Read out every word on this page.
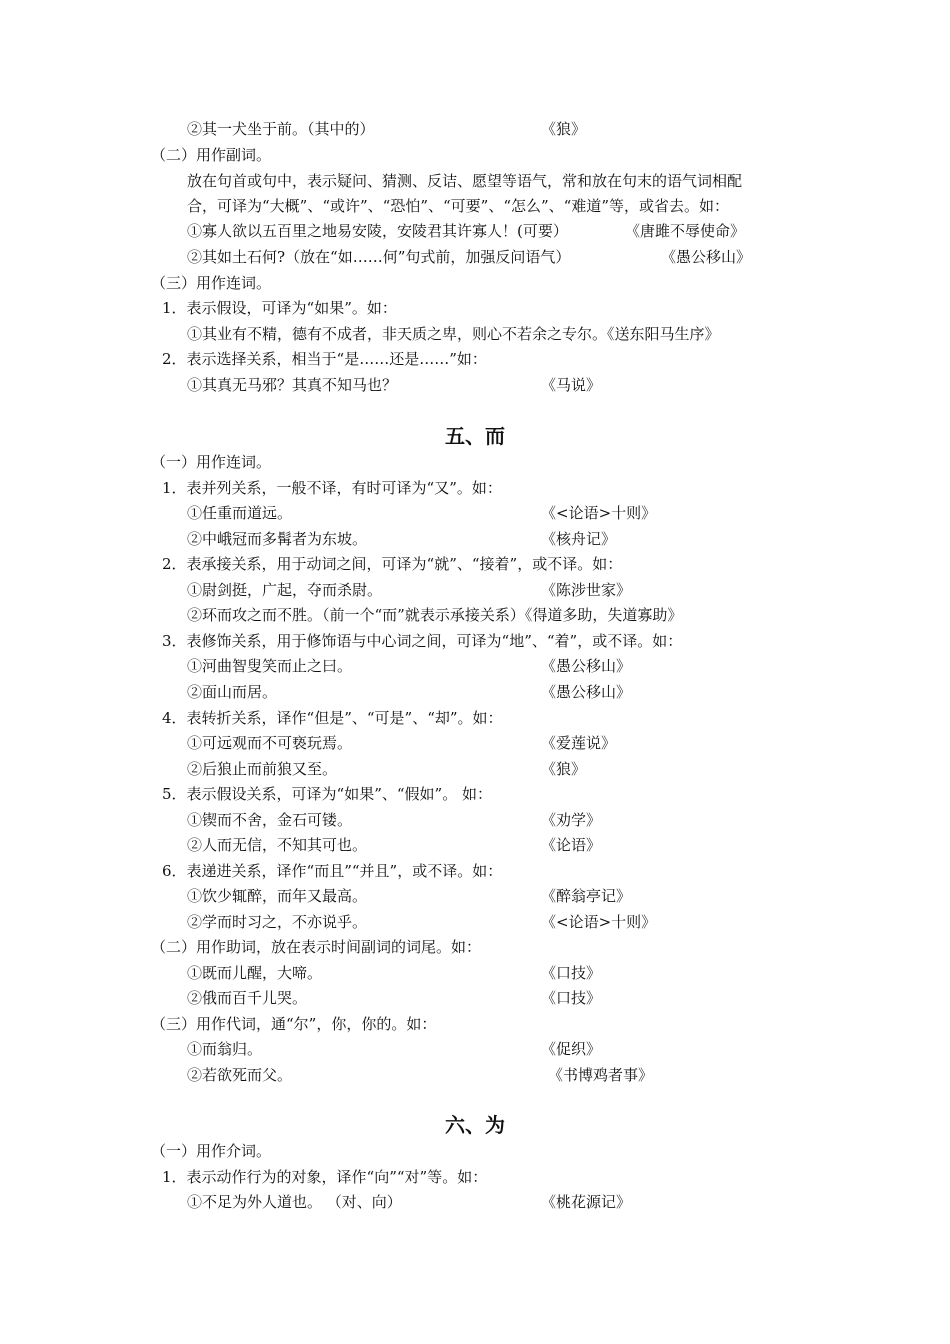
②其一犬坐于前。（其中的）	《狼》
（二）用作副词。
放在句首或句中，表示疑问、猜测、反诘、愿望等语气，常和放在句末的语气词相配
合，可译为“大概”、“或许”、“恐怕”、“可要”、“怎么”、“难道”等，或省去。如：
①寡人欲以五百里之地易安陵，安陵君其许寡人！(可要）	《唐雎不辱使命》
②其如土石何?（放在“如……何”句式前，加强反问语气）	《愚公移山》
（三）用作连词。
1．表示假设，可译为“如果”。如：
①其业有不精，德有不成者，非天质之卑，则心不若余之专尔。《送东阳马生序》
2．表示选择关系，相当于“是……还是……”如：
①其真无马邪？其真不知马也？	《马说》
五、而
（一）用作连词。
1．表并列关系，一般不译，有时可译为“又”。如：
①任重而道远。	《<论语>十则》
②中峨冠而多髯者为东坡。	《核舟记》
2．表承接关系，用于动词之间，可译为“就”、“接着”，或不译。如：
①尉剑挺，广起，夺而杀尉。	《陈涉世家》
②环而攻之而不胜。（前一个“而”就表示承接关系）《得道多助，失道寡助》
3．表修饰关系，用于修饰语与中心词之间，可译为“地”、“着”，或不译。如：
①河曲智叟笑而止之曰。	《愚公移山》
②面山而居。	《愚公移山》
4．表转折关系，译作“但是”、“可是”、“却”。如：
①可远观而不可亵玩焉。	《爱莲说》
②后狼止而前狼又至。	《狼》
5．表示假设关系，可译为“如果”、“假如”。 如：
①锲而不舍，金石可镂。	《劝学》
②人而无信，不知其可也。	《论语》
6．表递进关系，译作“而且”“并且”，或不译。如：
①饮少辄醉，而年又最高。	《醉翁亭记》
②学而时习之，不亦说乎。	《<论语>十则》
（二）用作助词，放在表示时间副词的词尾。如：
①既而儿醒，大啼。	《口技》
②俄而百千儿哭。	《口技》
（三）用作代词，通“尔”，你，你的。如：
①而翁归。	《促织》
②若欲死而父。	《书博鸡者事》
六、为
（一）用作介词。
1．表示动作行为的对象，译作“向”“对”等。如：
①不足为外人道也。 （对、向）	《桃花源记》
